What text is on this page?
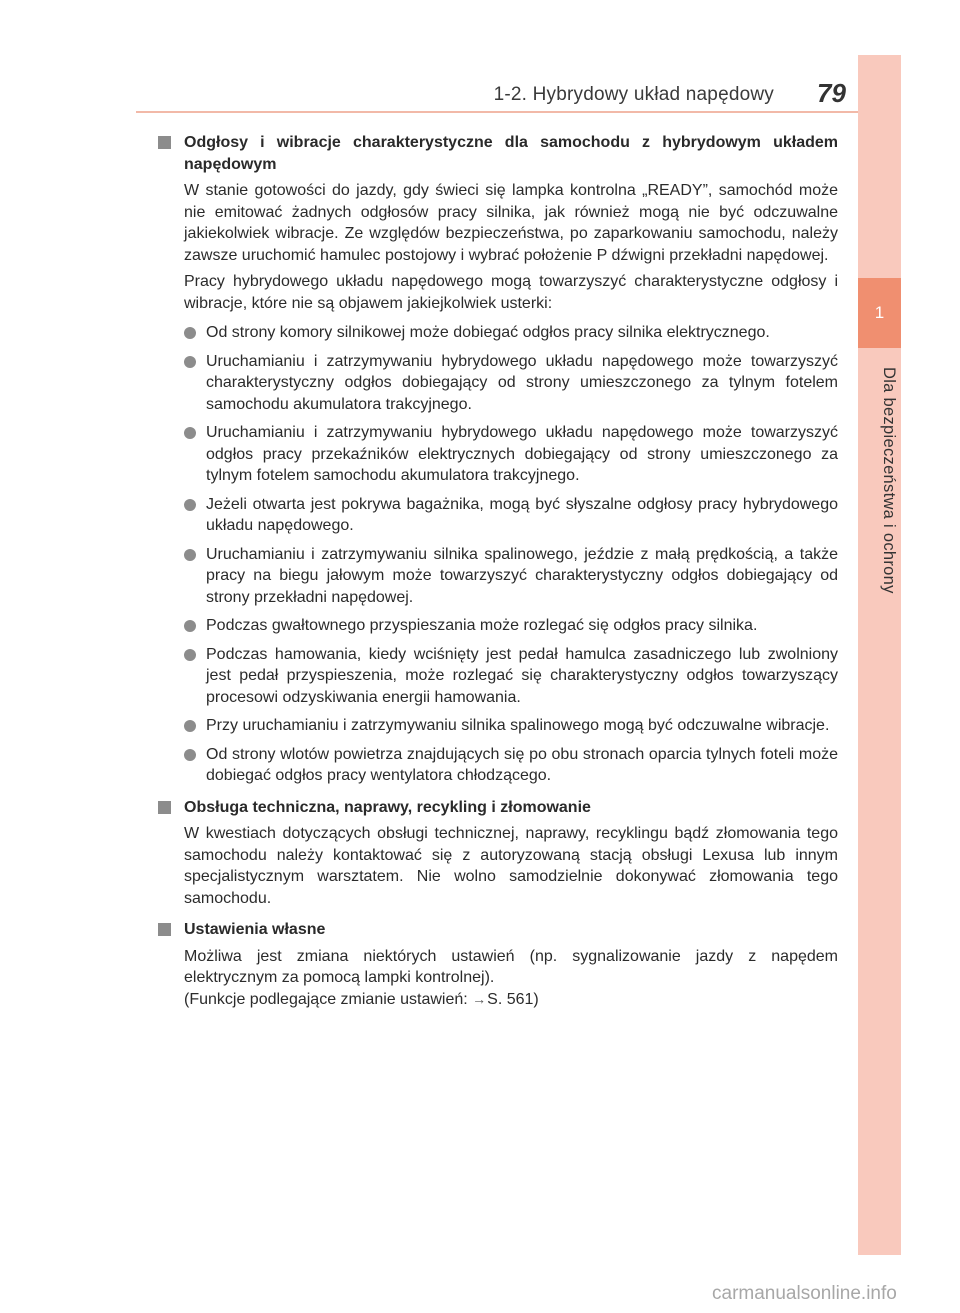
1
Dla bezpieczeństwa i ochrony
1-2. Hybrydowy układ napędowy 79
Odgłosy i wibracje charakterystyczne dla samochodu z hybrydowym układem napędowym

W stanie gotowości do jazdy, gdy świeci się lampka kontrolna „READY”, samochód może nie emitować żadnych odgłosów pracy silnika, jak również mogą nie być odczuwalne jakiekolwiek wibracje. Ze względów bezpieczeństwa, po zaparkowaniu samochodu, należy zawsze uruchomić hamulec postojowy i wybrać położenie P dźwigni przekładni napędowej.

Pracy hybrydowego układu napędowego mogą towarzyszyć charakterystyczne odgłosy i wibracje, które nie są objawem jakiejkolwiek usterki:

Od strony komory silnikowej może dobiegać odgłos pracy silnika elektrycznego.
Uruchamianiu i zatrzymywaniu hybrydowego układu napędowego może towarzyszyć charakterystyczny odgłos dobiegający od strony umieszczonego za tylnym fotelem samochodu akumulatora trakcyjnego.
Uruchamianiu i zatrzymywaniu hybrydowego układu napędowego może towarzyszyć odgłos pracy przekaźników elektrycznych dobiegający od strony umieszczonego za tylnym fotelem samochodu akumulatora trakcyjnego.
Jeżeli otwarta jest pokrywa bagażnika, mogą być słyszalne odgłosy pracy hybrydowego układu napędowego.
Uruchamianiu i zatrzymywaniu silnika spalinowego, jeździe z małą prędkością, a także pracy na biegu jałowym może towarzyszyć charakterystyczny odgłos dobiegający od strony przekładni napędowej.
Podczas gwałtownego przyspieszania może rozlegać się odgłos pracy silnika.
Podczas hamowania, kiedy wciśnięty jest pedał hamulca zasadniczego lub zwolniony jest pedał przyspieszenia, może rozlegać się charakterystyczny odgłos towarzyszący procesowi odzyskiwania energii hamowania.
Przy uruchamianiu i zatrzymywaniu silnika spalinowego mogą być odczuwalne wibracje.
Od strony wlotów powietrza znajdujących się po obu stronach oparcia tylnych foteli może dobiegać odgłos pracy wentylatora chłodzącego.
Obsługa techniczna, naprawy, recykling i złomowanie

W kwestiach dotyczących obsługi technicznej, naprawy, recyklingu bądź złomowania tego samochodu należy kontaktować się z autoryzowaną stacją obsługi Lexusa lub innym specjalistycznym warsztatem. Nie wolno samodzielnie dokonywać złomowania tego samochodu.

Ustawienia własne

Możliwa jest zmiana niektórych ustawień (np. sygnalizowanie jazdy z napędem elektrycznym za pomocą lampki kontrolnej).

(Funkcje podlegające zmianie ustawień: →S. 561)

carmanualsonline.info
